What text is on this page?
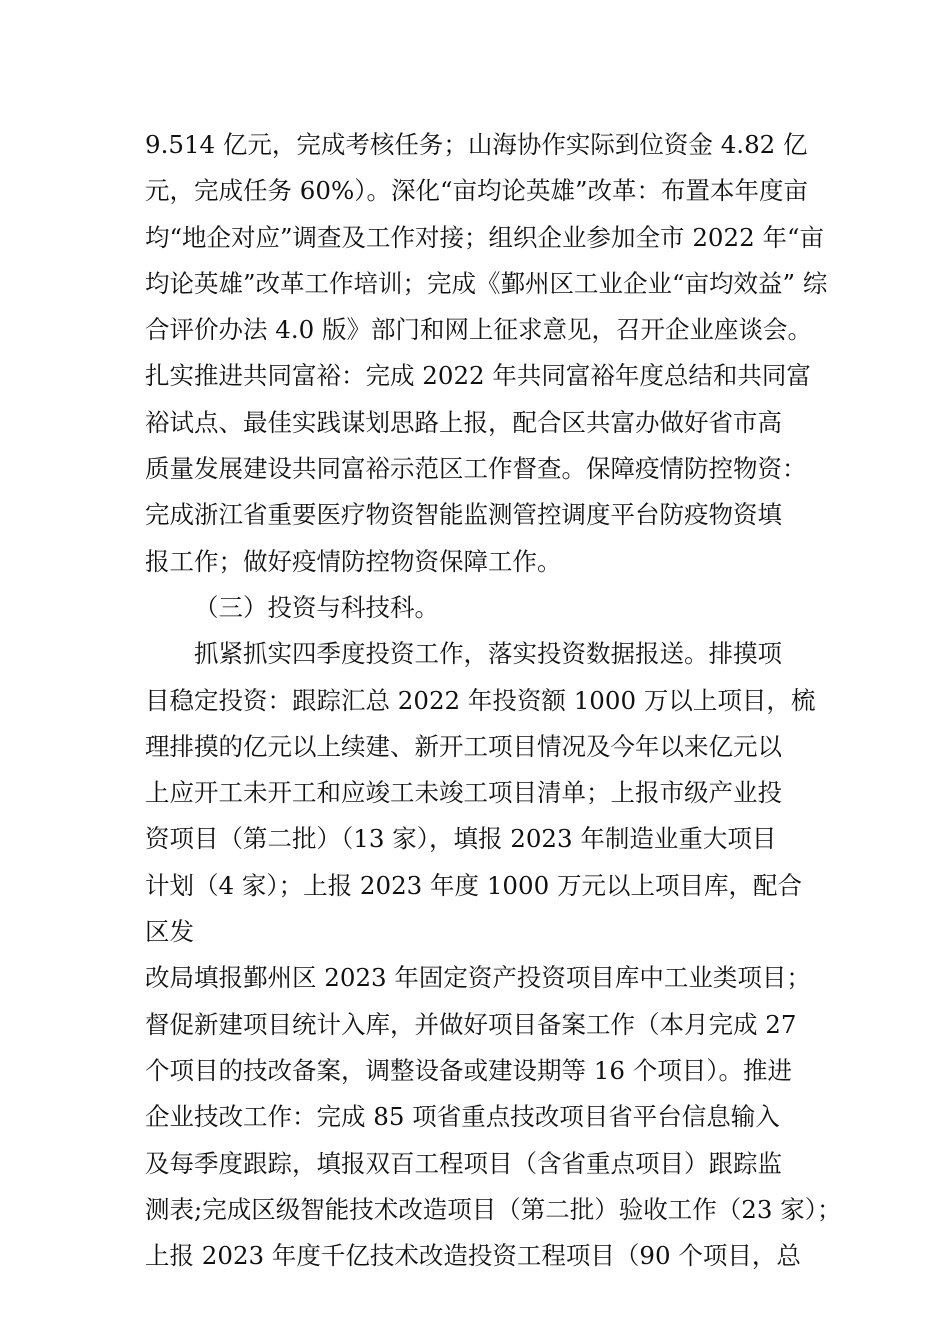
9.514 亿元，完成考核任务；山海协作实际到位资金 4.82 亿
元，完成任务 60%）。深化“亩均论英雄”改革：布置本年度亩
均“地企对应”调查及工作对接；组织企业参加全市 2022 年“亩
均论英雄”改革工作培训；完成《鄞州区工业企业“亩均效益” 综
合评价办法 4.0 版》部门和网上征求意见，召开企业座谈会。
扎实推进共同富裕：完成 2022 年共同富裕年度总结和共同富
裕试点、最佳实践谋划思路上报，配合区共富办做好省市高
质量发展建设共同富裕示范区工作督查。保障疫情防控物资：
完成浙江省重要医疗物资智能监测管控调度平台防疫物资填
报工作；做好疫情防控物资保障工作。
（三）投资与科技科。
抓紧抓实四季度投资工作，落实投资数据报送。排摸项
目稳定投资：跟踪汇总 2022 年投资额 1000 万以上项目，梳
理排摸的亿元以上续建、新开工项目情况及今年以来亿元以
上应开工未开工和应竣工未竣工项目清单；上报市级产业投
资项目（第二批）（13 家），填报 2023 年制造业重大项目
计划（4 家）；上报 2023 年度 1000 万元以上项目库，配合
区发
改局填报鄞州区 2023 年固定资产投资项目库中工业类项目；
督促新建项目统计入库，并做好项目备案工作（本月完成 27
个项目的技改备案，调整设备或建设期等 16 个项目）。推进
企业技改工作：完成 85 项省重点技改项目省平台信息输入
及每季度跟踪，填报双百工程项目（含省重点项目）跟踪监
测表;完成区级智能技术改造项目（第二批）验收工作（23 家）；
上报 2023 年度千亿技术改造投资工程项目（90 个项目，总
